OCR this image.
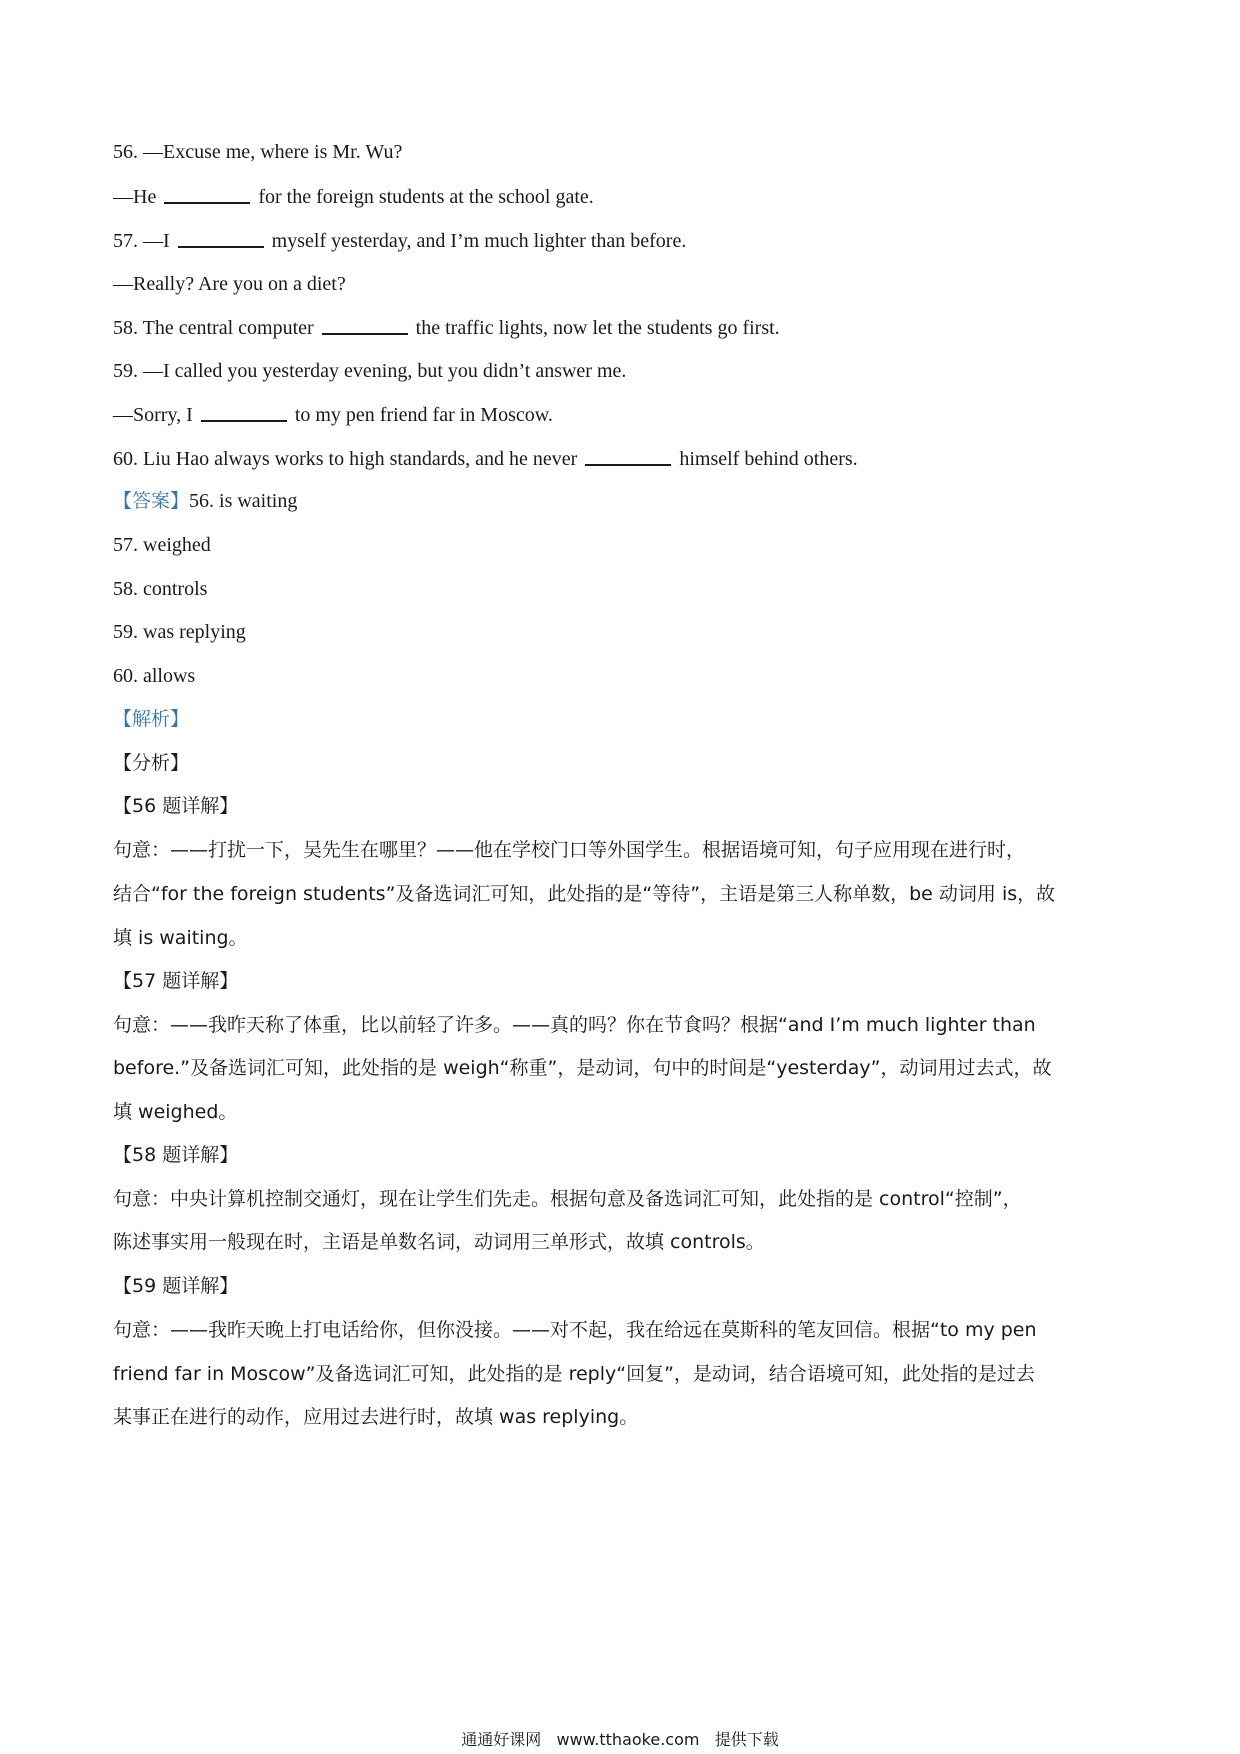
56. —Excuse me, where is Mr. Wu?
—He	for the foreign students at the school gate.
57. —I	myself yesterday, and I’m much lighter than before.
—Really? Are you on a diet?
58. The central computer	the traffic lights, now let the students go first.
59. —I called you yesterday evening, but you didn’t answer me.
—Sorry, I	to my pen friend far in Moscow.
60. Liu Hao always works to high standards, and he never	himself behind others.
【答案】56. is waiting
57. weighed
58. controls
59. was replying
60. allows
【解析】
【分析】
【56 题详解】
句意：——打扰一下，吴先生在哪里？——他在学校门口等外国学生。根据语境可知，句子应用现在进行时，
结合“for the foreign students”及备选词汇可知，此处指的是“等待”，主语是第三人称单数，be 动词用 is，故
填 is waiting。
【57 题详解】
句意：——我昨天称了体重，比以前轻了许多。——真的吗？你在节食吗？根据“and I’m much lighter than
before.”及备选词汇可知，此处指的是 weigh“称重”，是动词，句中的时间是“yesterday”，动词用过去式，故
填 weighed。
【58 题详解】
句意：中央计算机控制交通灯，现在让学生们先走。根据句意及备选词汇可知，此处指的是 control“控制”，
陈述事实用一般现在时，主语是单数名词，动词用三单形式，故填 controls。
【59 题详解】
句意：——我昨天晚上打电话给你，但你没接。——对不起，我在给远在莫斯科的笔友回信。根据“to my pen
friend far in Moscow”及备选词汇可知，此处指的是 reply“回复”，是动词，结合语境可知，此处指的是过去
某事正在进行的动作，应用过去进行时，故填 was replying。
通通好课网   www.tthaoke.com   提供下载
